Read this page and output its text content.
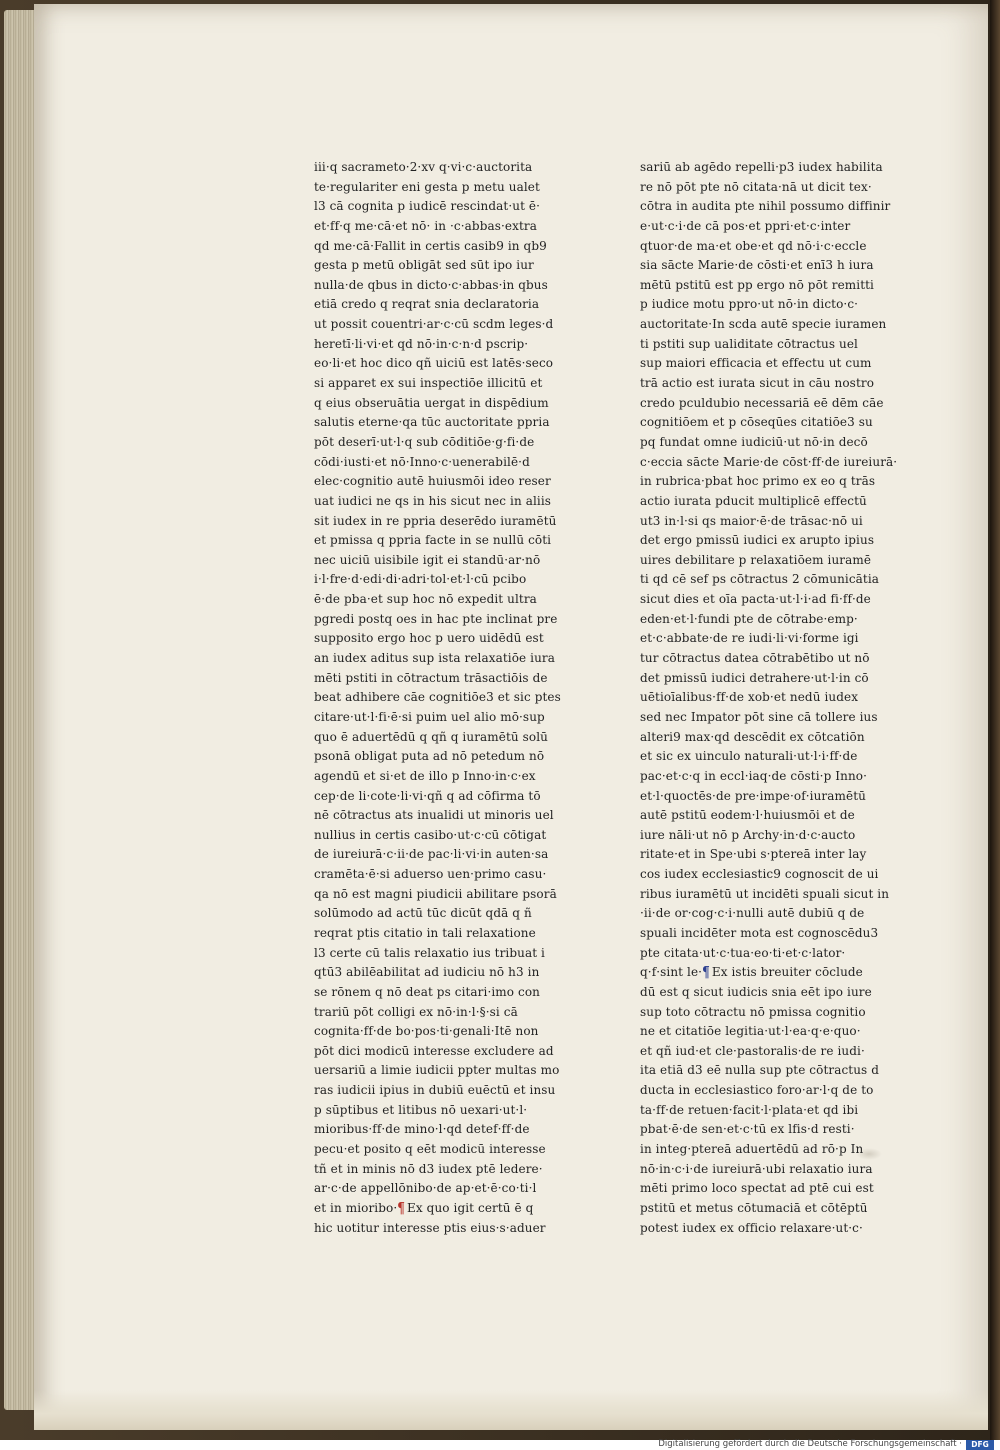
iii·q sacrameto·2·xv q·vi·c·auctorita
te·regulariter eni gesta p metu ualet
l3 cā cognita p iudicē rescindat·ut ē·
et·ff·q me·cā·et nō· in ·c·abbas·extra
qd me·cā·Fallit in certis casib9 in qb9
gesta p metū obligāt sed sūt ipo iur
nulla·de qbus in dicto·c·abbas·in qbus
etiā credo q reqrat snia declaratoria
ut possit couentri·ar·c·cū scdm leges·d
heretī·li·vi·et qd nō·in·c·n·d pscrip·
eo·li·et hoc dico qñ uiciū est latēs·seco
si apparet ex sui inspectiōe illicitū et
q eius obseruātia uergat in dispēdium
salutis eterne·qa tūc auctoritate ppria
pōt deserī·ut·l·q sub cōditiōe·g·fi·de
cōdi·iusti·et nō·Inno·c·uenerabilē·d
elec·cognitio autē huiusmōi ideo reser
uat iudici ne qs in his sicut nec in aliis
sit iudex in re ppria deserēdo iuramētū
et pmissa q ppria facte in se nullū cōti
nec uiciū uisibile igit ei standū·ar·nō
i·l·fre·d·edi·di·adri·tol·et·l·cū pcibo
ē·de pba·et sup hoc nō expedit ultra
pgredi postq oes in hac pte inclinat pre
supposito ergo hoc p uero uidēdū est
an iudex aditus sup ista relaxatiōe iura
mēti pstiti in cōtractum trāsactiōis de
beat adhibere cāe cognitiōe3 et sic ptes
citare·ut·l·fi·ē·si puim uel alio mō·sup
quo ē aduertēdū q qñ q iuramētū solū
psonā obligat puta ad nō petedum nō
agendū et si·et de illo p Inno·in·c·ex
cep·de li·cote·li·vi·qñ q ad cōfirma tō
nē cōtractus ats inualidi ut minoris uel
nullius in certis casibo·ut·c·cū cōtigat
de iureiurā·c·ii·de pac·li·vi·in auten·sa
cramēta·ē·si aduerso uen·primo casu·
qa nō est magni piudicii abilitare psorā
solūmodo ad actū tūc dicūt qdā q ñ
reqrat ptis citatio in tali relaxatione
l3 certe cū talis relaxatio ius tribuat i
qtū3 abilēabilitat ad iudiciu nō h3 in
se rōnem q nō deat ps citari·imo con
trariū pōt colligi ex nō·in·l·§·si cā
cognita·ff·de bo·pos·ti·genali·Itē non
pōt dici modicū interesse excludere ad
uersariū a limie iudicii ppter multas mo
ras iudicii ipius in dubiū euēctū et insu
p sūptibus et litibus nō uexari·ut·l·
mioribus·ff·de mino·l·qd detef·ff·de
pecu·et posito q eēt modicū interesse
tñ et in minis nō d3 iudex ptē ledere·
ar·c·de appellōnibo·de ap·et·ē·co·ti·l
et in mioribo·¶ Ex quo igit certū ē q
hic uotitur interesse ptis eius·s·aduer
sariū ab agēdo repelli·p3 iudex habilita
re nō pōt pte nō citata·nā ut dicit tex·
cōtra in audita pte nihil possumo diffinir
e·ut·c·i·de cā pos·et ppri·et·c·inter
qtuor·de ma·et obe·et qd nō·i·c·eccle
sia sācte Marie·de cōsti·et enī3 h iura
mētū pstitū est pp ergo nō pōt remitti
p iudice motu ppro·ut nō·in dicto·c·
auctoritate·In scda autē specie iuramen
ti pstiti sup ualiditate cōtractus uel
sup maiori efficacia et effectu ut cum
trā actio est iurata sicut in cāu nostro
credo pculdubio necessariā eē dēm cāe
cognitiōem et p cōseqūes citatiōe3 su
pq fundat omne iudiciū·ut nō·in decō
c·eccia sācte Marie·de cōst·ff·de iureiurā·
in rubrica·pbat hoc primo ex eo q trās
actio iurata pducit multiplicē effectū
ut3 in·l·si qs maior·ē·de trāsac·nō ui
det ergo pmissū iudici ex arupto ipius
uires debilitare p relaxatiōem iuramē
ti qd cē sef ps cōtractus 2 cōmunicātia
sicut dies et oīa pacta·ut·l·i·ad fi·ff·de
eden·et·l·fundi pte de cōtrabe·emp·
et·c·abbate·de re iudi·li·vi·forme igi
tur cōtractus datea cōtrabētibo ut nō
det pmissū iudici detrahere·ut·l·in cō
uētioīalibus·ff·de xob·et nedū iudex
sed nec Impator pōt sine cā tollere ius
alteri9 max·qd descēdit ex cōtcatiōn
et sic ex uinculo naturali·ut·l·i·ff·de
pac·et·c·q in eccl·iaq·de cōsti·p Inno·
et·l·quoctēs·de pre·impe·of·iuramētū
autē pstitū eodem·l·huiusmōi et de
iure nāli·ut nō p Archy·in·d·c·aucto
ritate·et in Spe·ubi s·ptereā inter lay
cos iudex ecclesiastic9 cognoscit de ui
ribus iuramētū ut incidēti spuali sicut in
·ii·de or·cog·c·i·nulli autē dubiū q de
spuali incidēter mota est cognoscēdu3
pte citata·ut·c·tua·eo·ti·et·c·lator·
q·f·sint le·¶ Ex istis breuiter cōclude
dū est q sicut iudicis snia eēt ipo iure
sup toto cōtractu nō pmissa cognitio
ne et citatiōe legitia·ut·l·ea·q·e·quo·
et qñ iud·et cle·pastoralis·de re iudi·
ita etiā d3 eē nulla sup pte cōtractus d
ducta in ecclesiastico foro·ar·l·q de to
ta·ff·de retuen·facit·l·plata·et qd ibi
pbat·ē·de sen·et·c·tū ex lfis·d resti·
in integ·ptereā aduertēdū ad rō·p In
nō·in·c·i·de iureiurā·ubi relaxatio iura
mēti primo loco spectat ad ptē cui est
pstitū et metus cōtumaciā et cōtēptū
potest iudex ex officio relaxare·ut·c·
Digitalisierung gefördert durch die Deutsche Forschungsgemeinschaft ·	DFG
